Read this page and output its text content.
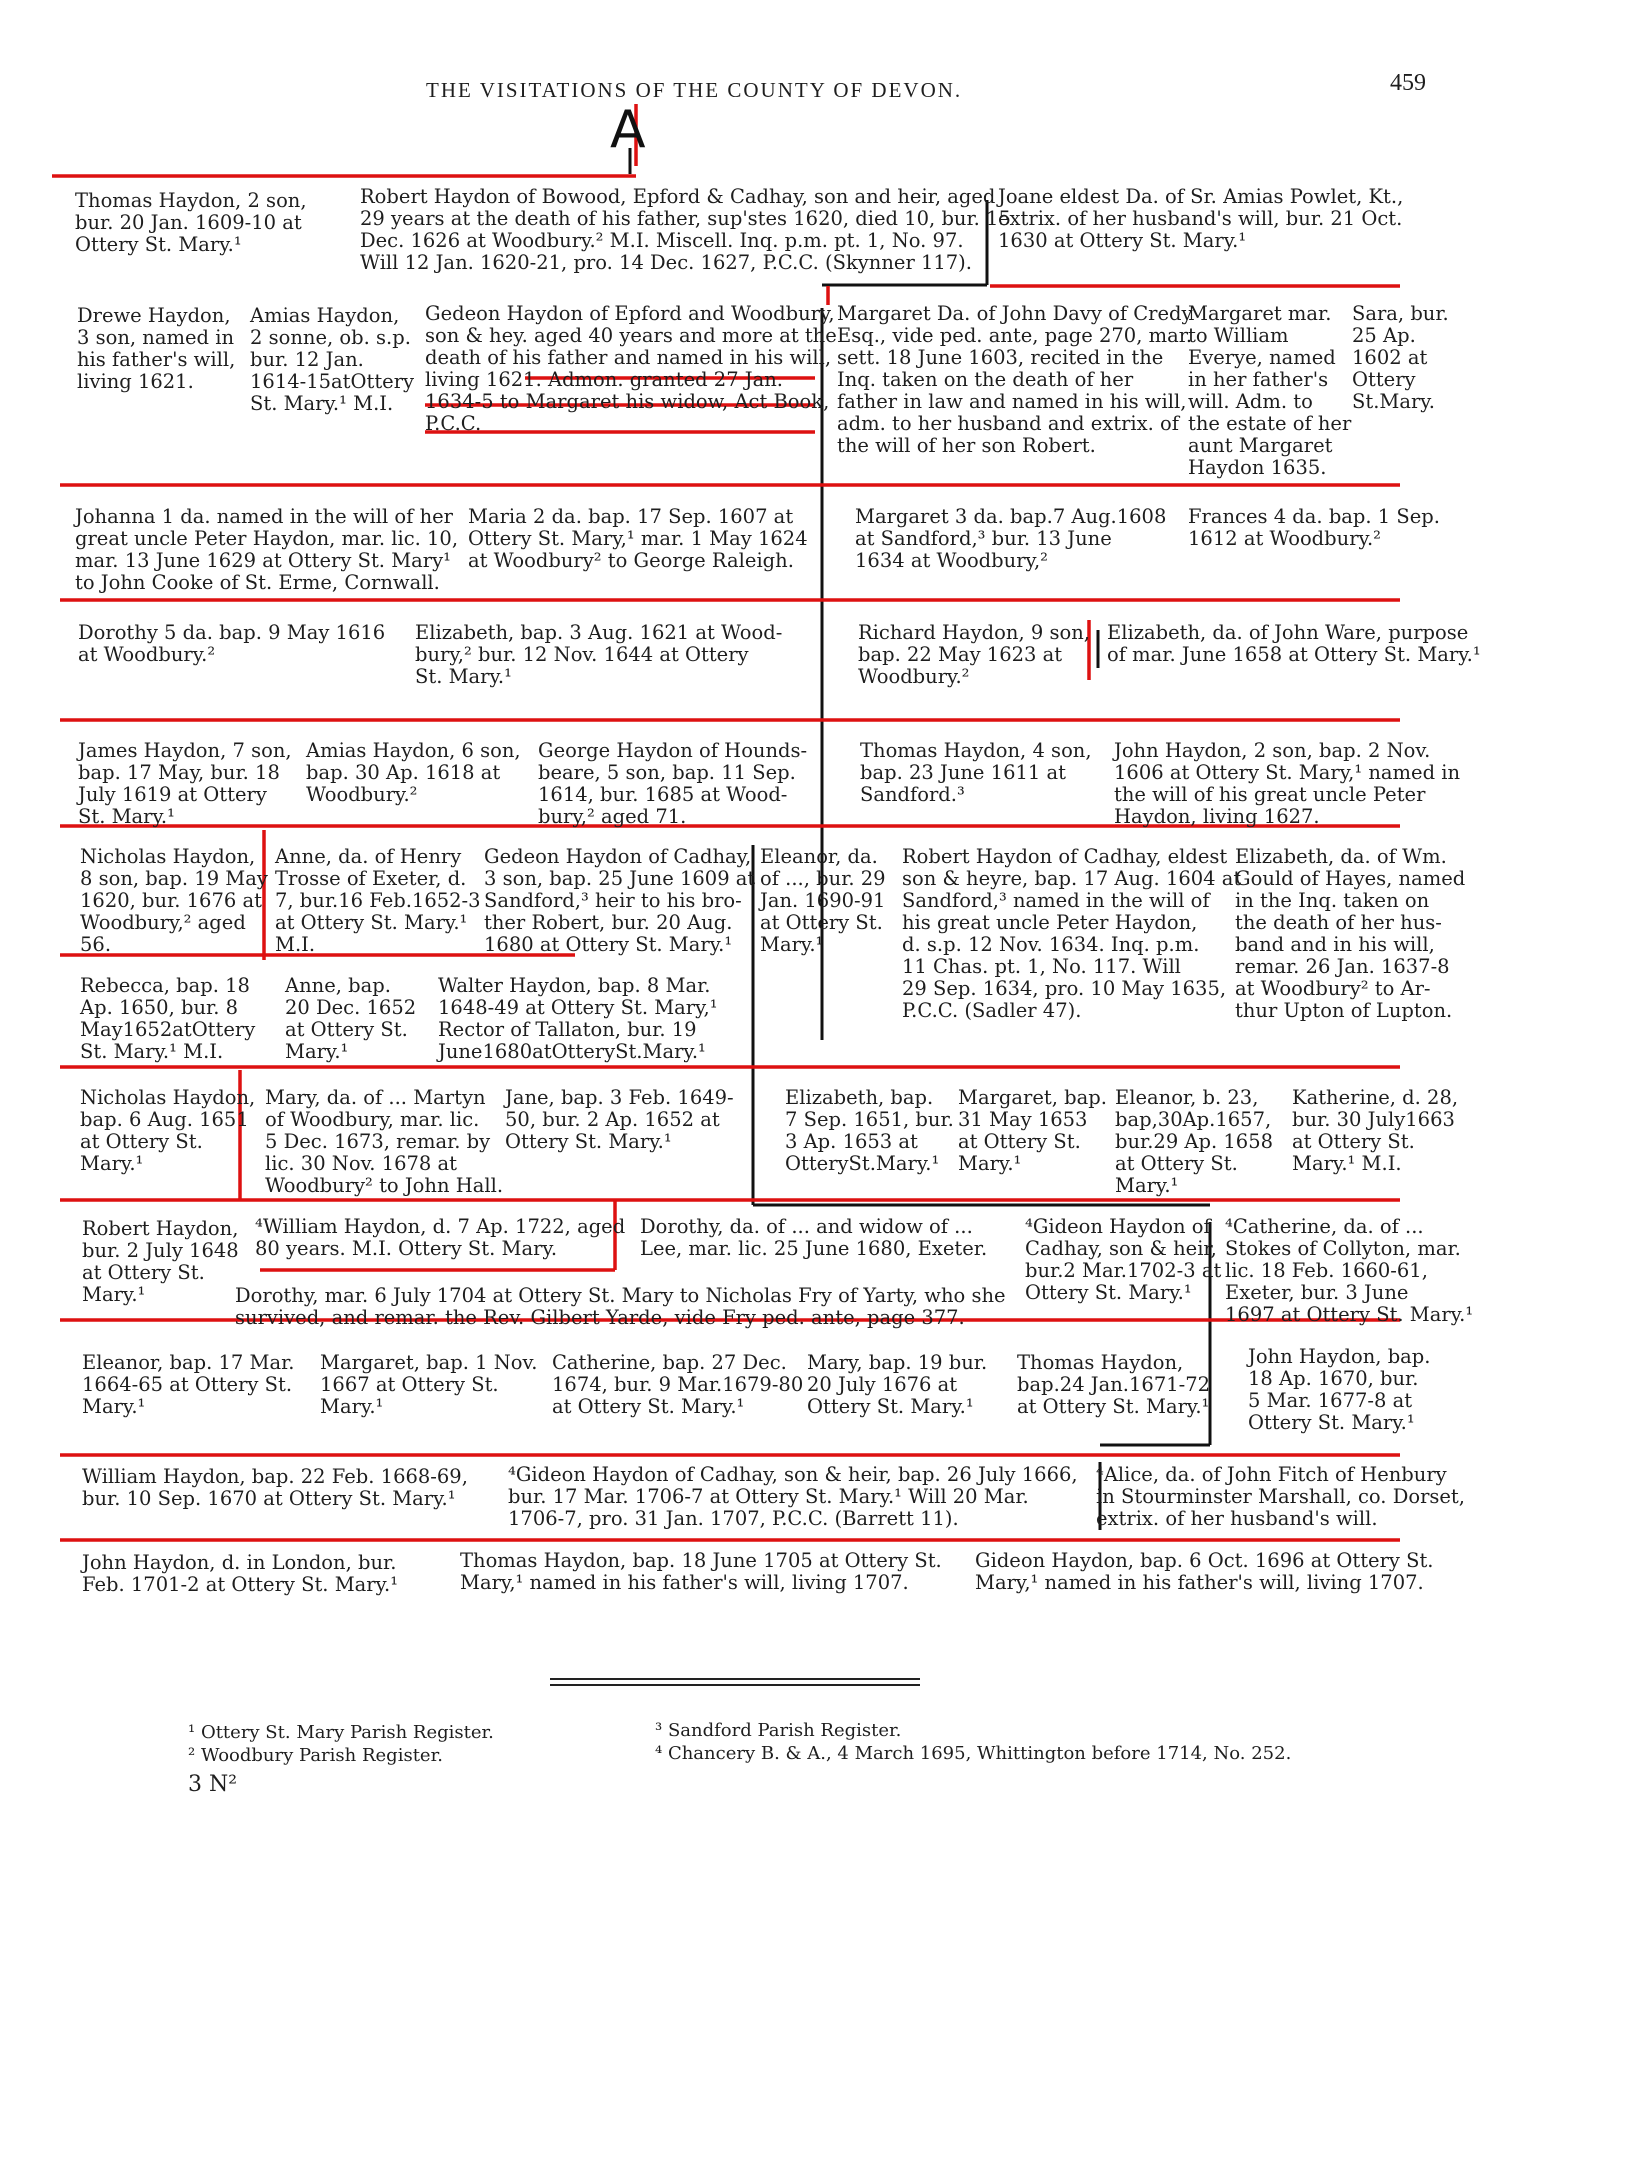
THE VISITATIONS OF THE COUNTY OF DEVON.	459
A
Thomas Haydon, 2 son,
bur. 20 Jan. 1609-10 at
Ottery St. Mary.¹
Robert Haydon of Bowood, Epford & Cadhay, son and heir, aged
29 years at the death of his father, sup'stes 1620, died 10, bur. 15
Dec. 1626 at Woodbury.² M.I. Miscell. Inq. p.m. pt. 1, No. 97.
Will 12 Jan. 1620-21, pro. 14 Dec. 1627, P.C.C. (Skynner 117).
Joane eldest Da. of Sr. Amias Powlet, Kt.,
extrix. of her husband's will, bur. 21 Oct.
1630 at Ottery St. Mary.¹
Drewe Haydon,
3 son, named in
his father's will,
living 1621.
Amias Haydon,
2 sonne, ob. s.p.
bur. 12 Jan.
1614-15atOttery
St. Mary.¹ M.I.
Gedeon Haydon of Epford and Woodbury,
son & hey. aged 40 years and more at the
death of his father and named in his will,
living 1621. Admon. granted 27 Jan.
1634-5 to Margaret his widow, Act Book,
P.C.C.
Margaret Da. of John Davy of Credy
Esq., vide ped. ante, page 270, mar.
sett. 18 June 1603, recited in the
Inq. taken on the death of her
father in law and named in his will,
adm. to her husband and extrix. of
the will of her son Robert.
Margaret mar.
to William
Everye, named
in her father's
will. Adm. to
the estate of her
aunt Margaret
Haydon 1635.
Sara, bur.
25 Ap.
1602 at
Ottery
St.Mary.
Johanna 1 da. named in the will of her
great uncle Peter Haydon, mar. lic. 10,
mar. 13 June 1629 at Ottery St. Mary¹
to John Cooke of St. Erme, Cornwall.
Maria 2 da. bap. 17 Sep. 1607 at
Ottery St. Mary,¹ mar. 1 May 1624
at Woodbury² to George Raleigh.
Margaret 3 da. bap.7 Aug.1608
at Sandford,³ bur. 13 June
1634 at Woodbury,²
Frances 4 da. bap. 1 Sep.
1612 at Woodbury.²
Dorothy 5 da. bap. 9 May 1616
at Woodbury.²
Elizabeth, bap. 3 Aug. 1621 at Wood-
bury,² bur. 12 Nov. 1644 at Ottery
St. Mary.¹
Richard Haydon, 9 son,
bap. 22 May 1623 at
Woodbury.²
Elizabeth, da. of John Ware, purpose
of mar. June 1658 at Ottery St. Mary.¹
James Haydon, 7 son,
bap. 17 May, bur. 18
July 1619 at Ottery
St. Mary.¹
Amias Haydon, 6 son,
bap. 30 Ap. 1618 at
Woodbury.²
George Haydon of Hounds-
beare, 5 son, bap. 11 Sep.
1614, bur. 1685 at Wood-
bury,² aged 71.
Thomas Haydon, 4 son,
bap. 23 June 1611 at
Sandford.³
John Haydon, 2 son, bap. 2 Nov.
1606 at Ottery St. Mary,¹ named in
the will of his great uncle Peter
Haydon, living 1627.
Nicholas Haydon,
8 son, bap. 19 May
1620, bur. 1676 at
Woodbury,² aged
56.
Anne, da. of Henry
Trosse of Exeter, d.
7, bur.16 Feb.1652-3
at Ottery St. Mary.¹
M.I.
Gedeon Haydon of Cadhay,
3 son, bap. 25 June 1609 at
Sandford,³ heir to his bro-
ther Robert, bur. 20 Aug.
1680 at Ottery St. Mary.¹
Eleanor, da.
of ..., bur. 29
Jan. 1690-91
at Ottery St.
Mary.¹
Robert Haydon of Cadhay, eldest
son & heyre, bap. 17 Aug. 1604 at
Sandford,³ named in the will of
his great uncle Peter Haydon,
d. s.p. 12 Nov. 1634. Inq. p.m.
11 Chas. pt. 1, No. 117. Will
29 Sep. 1634, pro. 10 May 1635,
P.C.C. (Sadler 47).
Elizabeth, da. of Wm.
Gould of Hayes, named
in the Inq. taken on
the death of her hus-
band and in his will,
remar. 26 Jan. 1637-8
at Woodbury² to Ar-
thur Upton of Lupton.
Rebecca, bap. 18
Ap. 1650, bur. 8
May1652atOttery
St. Mary.¹ M.I.
Anne, bap.
20 Dec. 1652
at Ottery St.
Mary.¹
Walter Haydon, bap. 8 Mar.
1648-49 at Ottery St. Mary,¹
Rector of Tallaton, bur. 19
June1680atOtterySt.Mary.¹
Nicholas Haydon,
bap. 6 Aug. 1651
at Ottery St.
Mary.¹
Mary, da. of ... Martyn
of Woodbury, mar. lic.
5 Dec. 1673, remar. by
lic. 30 Nov. 1678 at
Woodbury² to John Hall.
Jane, bap. 3 Feb. 1649-
50, bur. 2 Ap. 1652 at
Ottery St. Mary.¹
Elizabeth, bap.
7 Sep. 1651, bur.
3 Ap. 1653 at
OtterySt.Mary.¹
Margaret, bap.
31 May 1653
at Ottery St.
Mary.¹
Eleanor, b. 23,
bap,30Ap.1657,
bur.29 Ap. 1658
at Ottery St.
Mary.¹
Katherine, d. 28,
bur. 30 July1663
at Ottery St.
Mary.¹ M.I.
Robert Haydon,
bur. 2 July 1648
at Ottery St.
Mary.¹
⁴William Haydon, d. 7 Ap. 1722, aged
80 years. M.I. Ottery St. Mary.
Dorothy, da. of ... and widow of ...
Lee, mar. lic. 25 June 1680, Exeter.
Dorothy, mar. 6 July 1704 at Ottery St. Mary to Nicholas Fry of Yarty, who she
survived, and remar. the Rev. Gilbert Yarde, vide Fry ped. ante, page 377.
⁴Gideon Haydon of
Cadhay, son & heir,
bur.2 Mar.1702-3 at
Ottery St. Mary.¹
⁴Catherine, da. of ...
Stokes of Collyton, mar.
lic. 18 Feb. 1660-61,
Exeter, bur. 3 June
1697 at Ottery St. Mary.¹
Eleanor, bap. 17 Mar.
1664-65 at Ottery St.
Mary.¹
Margaret, bap. 1 Nov.
1667 at Ottery St.
Mary.¹
Catherine, bap. 27 Dec.
1674, bur. 9 Mar.1679-80
at Ottery St. Mary.¹
Mary, bap. 19 bur.
20 July 1676 at
Ottery St. Mary.¹
Thomas Haydon,
bap.24 Jan.1671-72
at Ottery St. Mary.¹
John Haydon, bap.
18 Ap. 1670, bur.
5 Mar. 1677-8 at
Ottery St. Mary.¹
William Haydon, bap. 22 Feb. 1668-69,
bur. 10 Sep. 1670 at Ottery St. Mary.¹
⁴Gideon Haydon of Cadhay, son & heir, bap. 26 July 1666,
bur. 17 Mar. 1706-7 at Ottery St. Mary.¹ Will 20 Mar.
1706-7, pro. 31 Jan. 1707, P.C.C. (Barrett 11).
⁴Alice, da. of John Fitch of Henbury
in Stourminster Marshall, co. Dorset,
extrix. of her husband's will.
John Haydon, d. in London, bur.
Feb. 1701-2 at Ottery St. Mary.¹
Thomas Haydon, bap. 18 June 1705 at Ottery St.
Mary,¹ named in his father's will, living 1707.
Gideon Haydon, bap. 6 Oct. 1696 at Ottery St.
Mary,¹ named in his father's will, living 1707.
¹ Ottery St. Mary Parish Register.
² Woodbury Parish Register.
³ Sandford Parish Register.
⁴ Chancery B. & A., 4 March 1695, Whittington before 1714, No. 252.
3 N²
